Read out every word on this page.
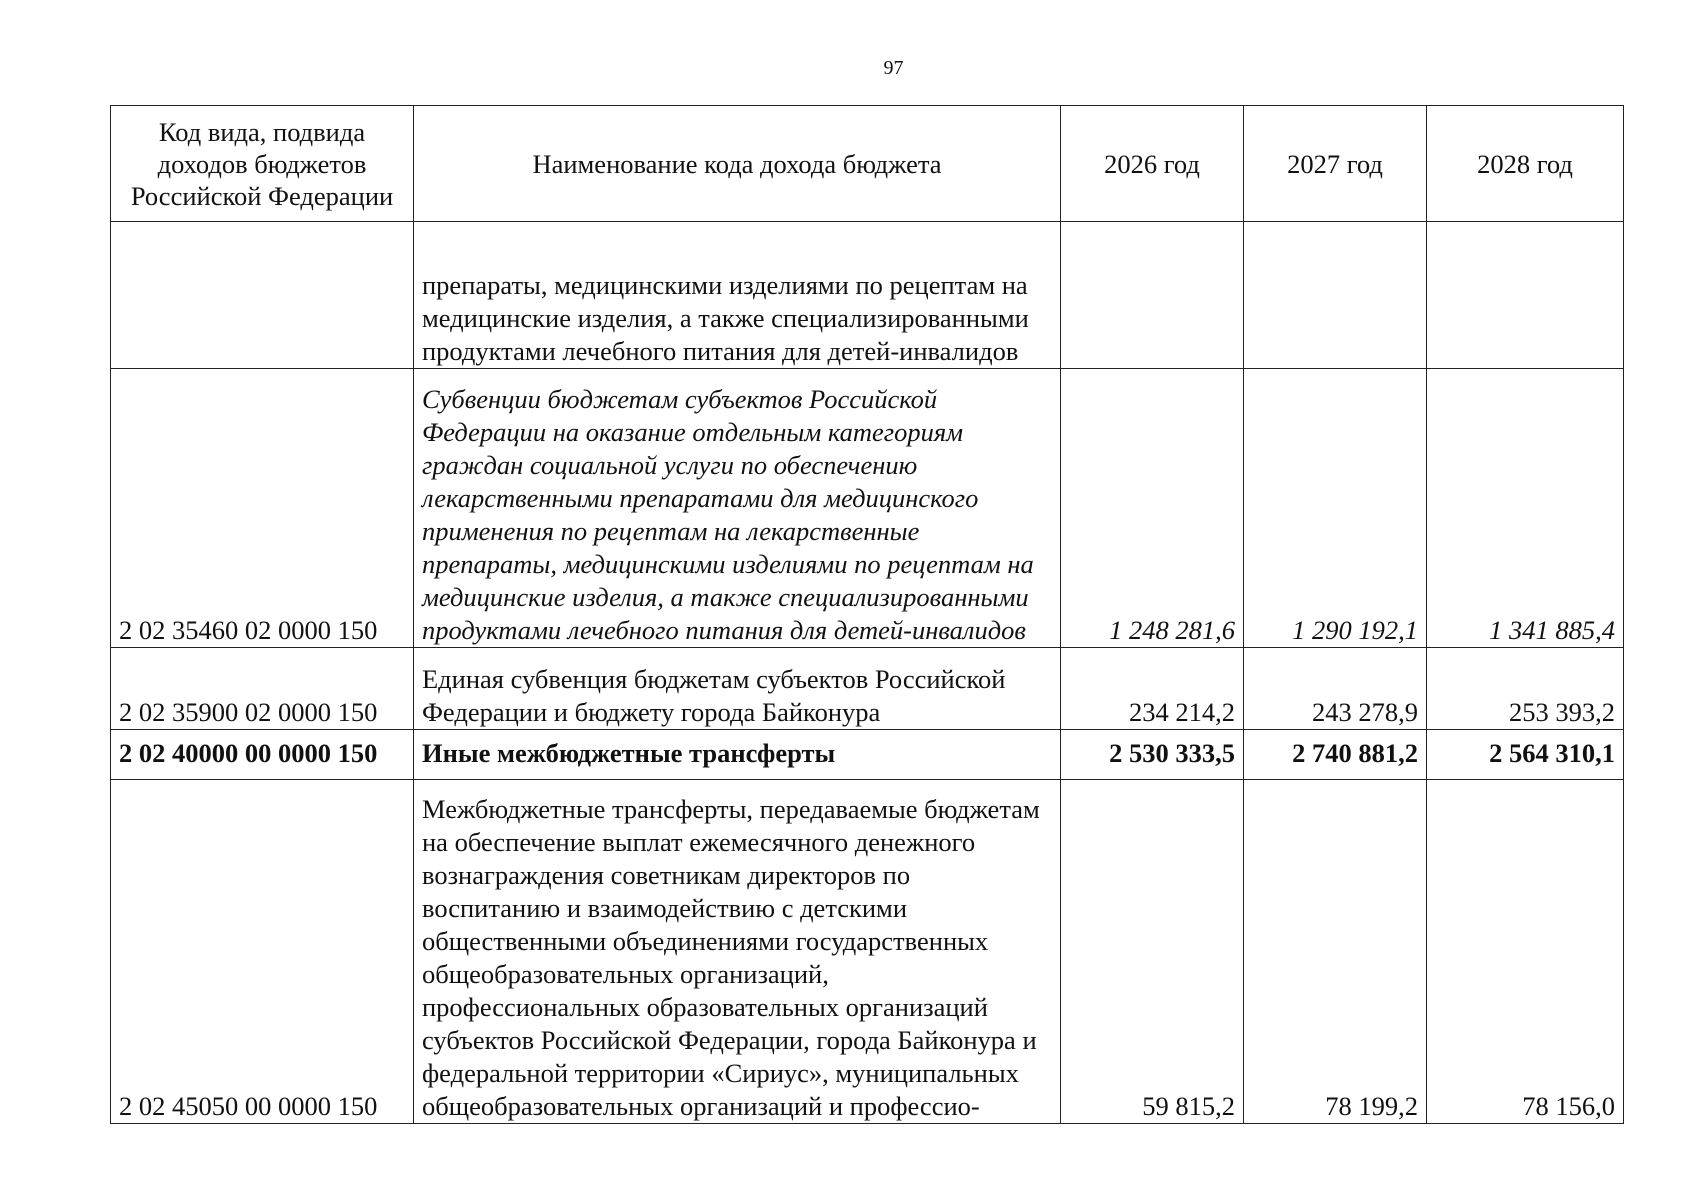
97
Код вида, подвида доходов бюджетов Российской Федерации	Наименование кода дохода бюджета	2026 год	2027 год	2028 год
	препараты, медицинскими изделиями по рецептам на медицинские изделия, а также специализированными продуктами лечебного питания для детей-инвалидов			
2 02 35460 02 0000 150	Субвенции бюджетам субъектов Российской Федерации на оказание отдельным категориям граждан социальной услуги по обеспечению лекарственными препаратами для медицинского применения по рецептам на лекарственные препараты, медицинскими изделиями по рецептам на медицинские изделия, а также специализированными продуктами лечебного питания для детей-инвалидов	1 248 281,6	1 290 192,1	1 341 885,4
2 02 35900 02 0000 150	Единая субвенция бюджетам субъектов Российской Федерации и бюджету города Байконура	234 214,2	243 278,9	253 393,2
2 02 40000 00 0000 150	Иные межбюджетные трансферты	2 530 333,5	2 740 881,2	2 564 310,1
2 02 45050 00 0000 150	Межбюджетные трансферты, передаваемые бюджетам на обеспечение выплат ежемесячного денежного вознаграждения советникам директоров по воспитанию и взаимодействию с детскими общественными объединениями государственных общеобразовательных организаций, профессиональных образовательных организаций субъектов Российской Федерации, города Байконура и федеральной территории «Сириус», муниципальных общеобразовательных организаций и профессио-	59 815,2	78 199,2	78 156,0
